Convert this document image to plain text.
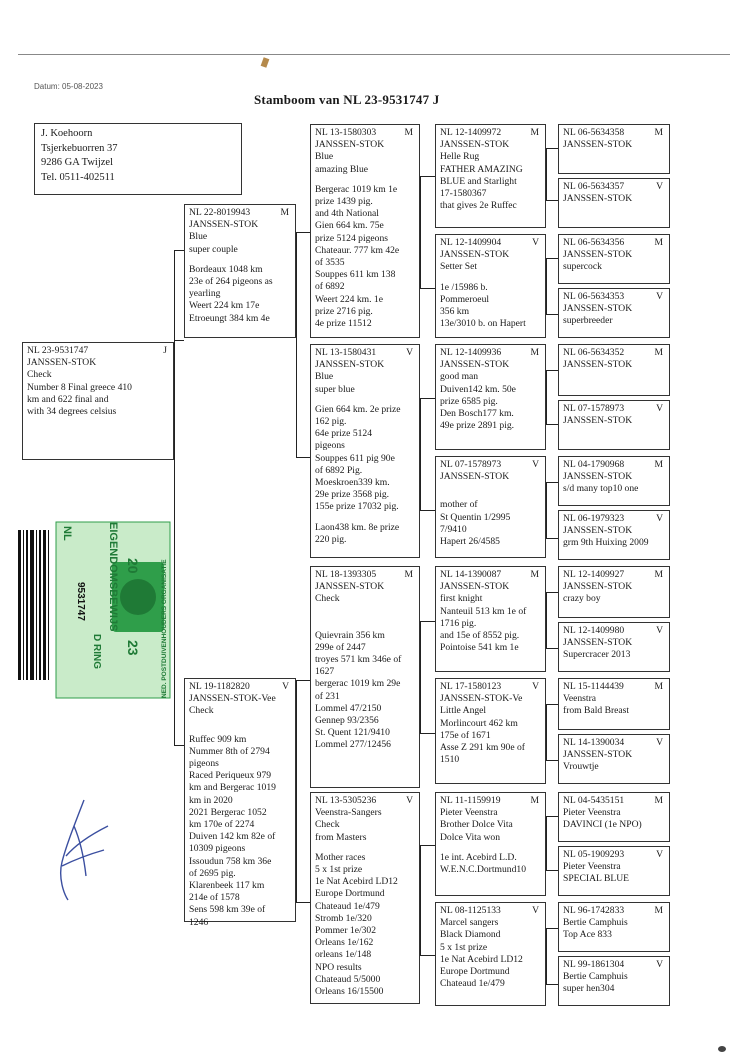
Datum: 05-08-2023
Stamboom van NL 23-9531747 J
J. Koehoorn
Tsjerkebuorren 37
9286 GA Twijzel
Tel. 0511-402511
NL 23-9531747	J
JANSSEN-STOK
Check
Number 8 Final greece 410
km and 622 final and
with 34 degrees celsius
NL 22-8019943	M
JANSSEN-STOK
Blue
super couple
Bordeaux 1048 km
23e of 264 pigeons as
yearling
Weert 224 km 17e
Etroeungt 384 km 4e
NL 19-1182820	V
JANSSEN-STOK-Vee
Check
Ruffec 909 km
Nummer 8th of 2794
pigeons
Raced Periqueux 979
km and Bergerac 1019
km in 2020
2021 Bergerac 1052
km 170e of 2274
Duiven 142 km 82e of
10309 pigeons
Issoudun 758 km 36e
of 2695 pig.
Klarenbeek 117 km
214e of 1578
Sens 598 km 39e of
1246
NL 13-1580303	M
JANSSEN-STOK
Blue
amazing Blue
Bergerac 1019 km 1e
prize 1439 pig.
and 4th National
Gien 664 km. 75e
prize 5124 pigeons
Chateaur. 777 km 42e
of 3535
Souppes 611 km 138
of 6892
Weert 224 km. 1e
prize 2716 pig.
4e prize 11512
NL 13-1580431	V
JANSSEN-STOK
Blue
super blue
Gien 664 km. 2e prize
162 pig.
64e prize 5124
pigeons
Souppes 611 pig 90e
of 6892 Pig.
Moeskroen339 km.
29e prize 3568 pig.
155e prize 17032 pig.
Laon438 km. 8e prize
220 pig.
NL 18-1393305	M
JANSSEN-STOK
Check
Quievrain 356 km
299e of 2447
troyes 571 km 346e of
1627
bergerac 1019 km 29e
of 231
Lommel 47/2150
Gennep 93/2356
St. Quent 121/9410
Lommel 277/12456
NL 13-5305236	V
Veenstra-Sangers
Check
from Masters
Mother races
5 x 1st prize
1e Nat Acebird LD12
Europe Dortmund
Chateaud 1e/479
Stromb 1e/320
Pommer 1e/302
Orleans 1e/162
orleans 1e/148
NPO results
Chateaud 5/5000
Orleans 16/15500
NL 12-1409972	M
JANSSEN-STOK
Helle Rug
FATHER AMAZING
BLUE and Starlight
17-1580367
that gives 2e Ruffec
NL 12-1409904	V
JANSSEN-STOK
Setter Set
1e /15986 b.
Pommeroeul
356 km
13e/3010 b. on Hapert
NL 12-1409936	M
JANSSEN-STOK
good man
Duiven142 km. 50e
prize 6585 pig.
Den Bosch177 km.
49e prize 2891 pig.
NL 07-1578973	V
JANSSEN-STOK
mother of
St Quentin 1/2995
7/9410
Hapert 26/4585
NL 14-1390087	M
JANSSEN-STOK
first knight
Nanteuil 513 km 1e of
1716 pig.
and 15e of 8552 pig.
Pointoise 541 km 1e
NL 17-1580123	V
JANSSEN-STOK-Ve
Little Angel
Morlincourt 462 km
175e of 1671
Asse Z 291 km 90e of
1510
NL 11-1159919	M
Pieter Veenstra
Brother Dolce Vita
Dolce Vita won
1e int. Acebird L.D.
W.E.N.C.Dortmund10
NL 08-1125133	V
Marcel sangers
Black Diamond
5 x 1st prize
1e Nat Acebird LD12
Europe Dortmund
Chateaud 1e/479
NL 06-5634358	M
JANSSEN-STOK
NL 06-5634357	V
JANSSEN-STOK
NL 06-5634356	M
JANSSEN-STOK
supercock
NL 06-5634353	V
JANSSEN-STOK
superbreeder
NL 06-5634352	M
JANSSEN-STOK
NL 07-1578973	V
JANSSEN-STOK
NL 04-1790968	M
JANSSEN-STOK
s/d many top10 one
NL 06-1979323	V
JANSSEN-STOK
grm 9th Huixing 2009
NL 12-1409927	M
JANSSEN-STOK
crazy boy
NL 12-1409980	V
JANSSEN-STOK
Supercracer 2013
NL 15-1144439	M
Veenstra
from Bald Breast
NL 14-1390034	V
JANSSEN-STOK
Vrouwtje
NL 04-5435151	M
Pieter Veenstra
DAVINCI (1e NPO)
NL 05-1909293	V
Pieter Veenstra
SPECIAL BLUE
NL 96-1742833	M
Bertie Camphuis
Top Ace 833
NL 99-1861304	V
Bertie Camphuis
super hen304
NED. POSTDUIVENHOUDERS ORGANISATIE
EIGENDOMSBEWIJS
D RING
20
23
NL
9531747
